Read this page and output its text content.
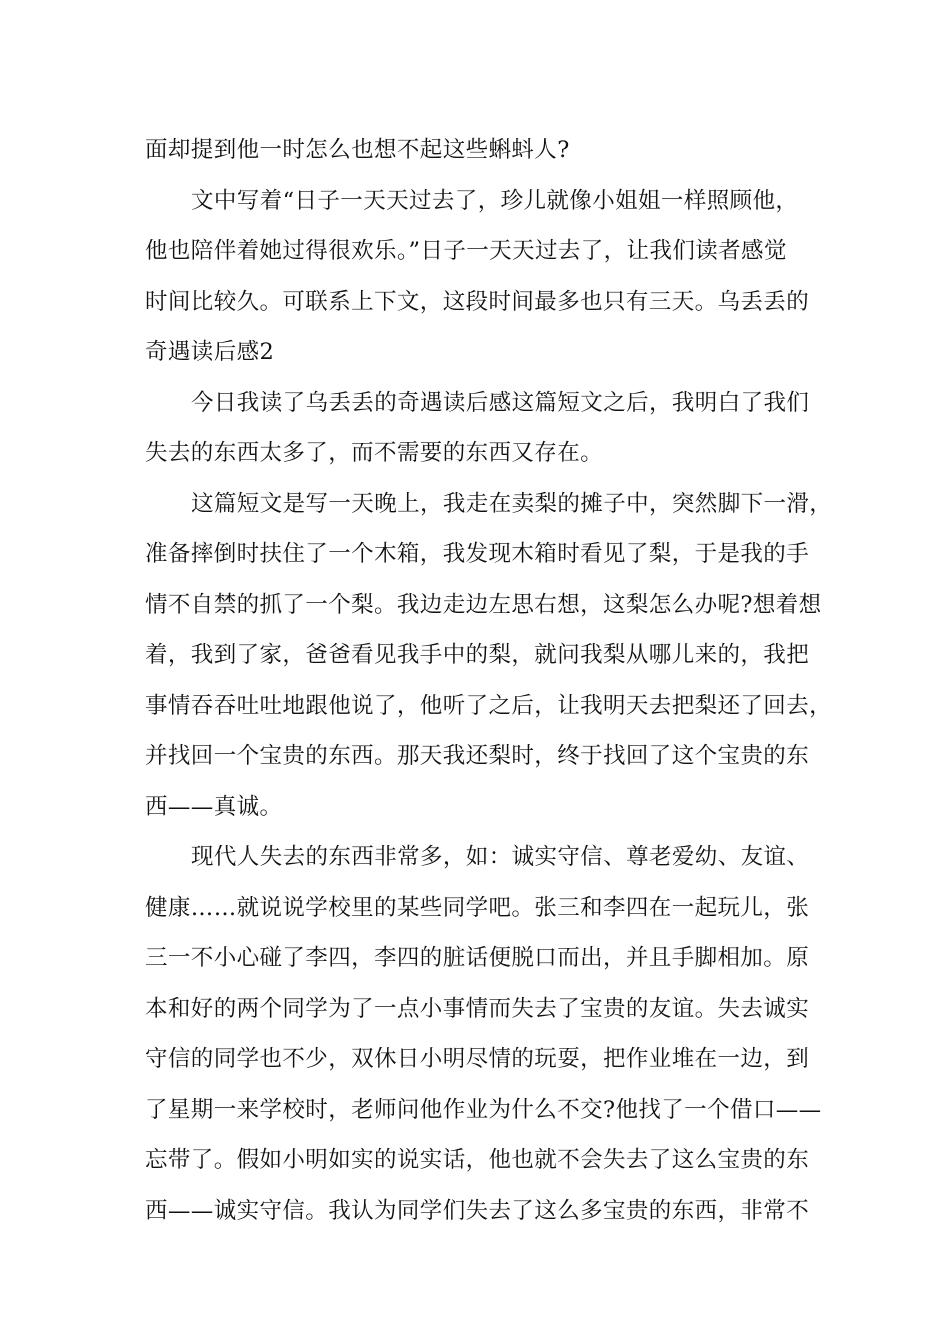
面却提到他一时怎么也想不起这些蝌蚪人?
文中写着“日子一天天过去了，珍儿就像小姐姐一样照顾他，
他也陪伴着她过得很欢乐。”日子一天天过去了，让我们读者感觉
时间比较久。可联系上下文，这段时间最多也只有三天。乌丢丢的
奇遇读后感2
今日我读了乌丢丢的奇遇读后感这篇短文之后，我明白了我们
失去的东西太多了，而不需要的东西又存在。
这篇短文是写一天晚上，我走在卖梨的摊子中，突然脚下一滑，
准备摔倒时扶住了一个木箱，我发现木箱时看见了梨，于是我的手
情不自禁的抓了一个梨。我边走边左思右想，这梨怎么办呢?想着想
着，我到了家，爸爸看见我手中的梨，就问我梨从哪儿来的，我把
事情吞吞吐吐地跟他说了，他听了之后，让我明天去把梨还了回去，
并找回一个宝贵的东西。那天我还梨时，终于找回了这个宝贵的东
西——真诚。
现代人失去的东西非常多，如：诚实守信、尊老爱幼、友谊、
健康……就说说学校里的某些同学吧。张三和李四在一起玩儿，张
三一不小心碰了李四，李四的脏话便脱口而出，并且手脚相加。原
本和好的两个同学为了一点小事情而失去了宝贵的友谊。失去诚实
守信的同学也不少，双休日小明尽情的玩耍，把作业堆在一边，到
了星期一来学校时，老师问他作业为什么不交?他找了一个借口——
忘带了。假如小明如实的说实话，他也就不会失去了这么宝贵的东
西——诚实守信。我认为同学们失去了这么多宝贵的东西，非常不
